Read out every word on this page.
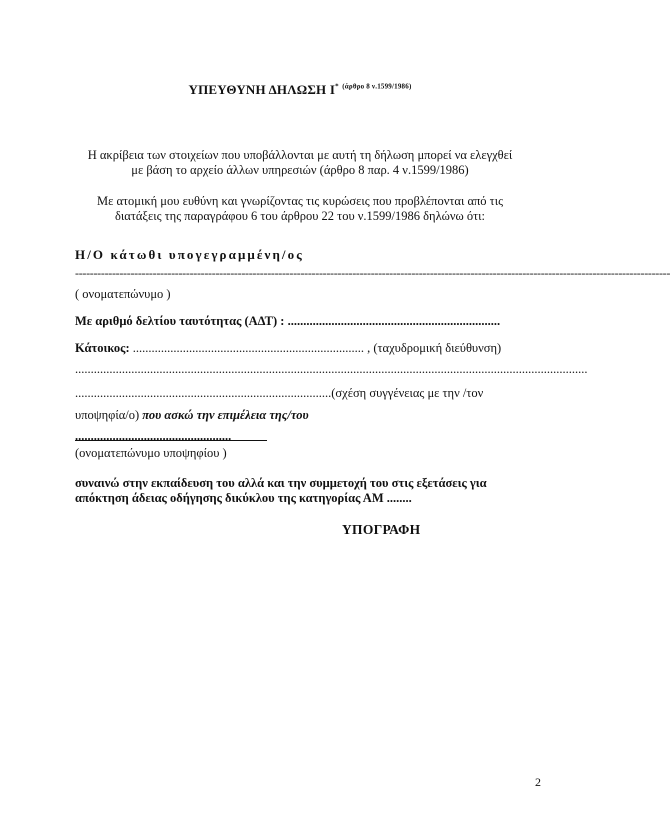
ΥΠΕΥΘΥΝΗ ΔΗΛΩΣΗ Ι* $^{(ά\rho\theta\rho o 8 \nu.1599/1986)}$
Η ακρίβεια των στοιχείων που υποβάλλονται με αυτή τη δήλωση μπορεί να ελεγχθεί
με βάση το αρχείο άλλων υπηρεσιών (άρθρο 8 παρ. 4 ν.1599/1986)
Με ατομική μου ευθύνη και γνωρίζοντας τις κυρώσεις που προβλέπονται από τις
διατάξεις της παραγράφου 6 του άρθρου 22 του ν.1599/1986 δηλώνω ότι:
Η/Ο κάτωθι υπογεγραμμένη/ος
-----------------------------------------------------------------------------------------------------------------------------------------------------------------
( ονοματεπώνυμο )
Με αριθμό δελτίου ταυτότητας (ΑΔΤ) : ....................................................................
Κάτοικος: .......................................................................... , (ταχυδρομική διεύθυνση)
....................................................................................................................................................................
..................................................................................(σχέση συγγένειας με την /τον
υποψηφία/ο) που ασκώ την επιμέλεια της/του
..................................................
(ονοματεπώνυμο υποψηφίου )
συναινώ στην εκπαίδευση του αλλά και την συμμετοχή του στις εξετάσεις για
απόκτηση άδειας οδήγησης δικύκλου της κατηγορίας ΑΜ ........
ΥΠΟΓΡΑΦΗ
2
